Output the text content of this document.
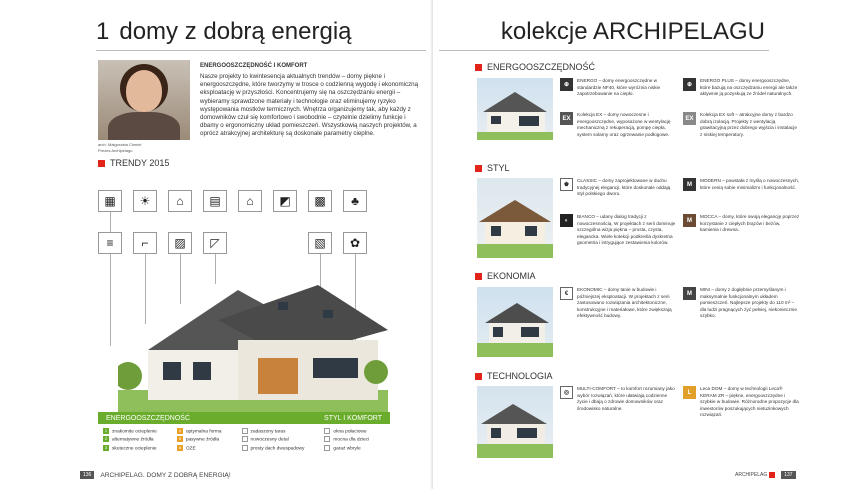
1 domy z dobrą energią
arch. Małgorzata Chmiel
Prezes Archipelagu
ENERGOOSZCZĘDNOŚĆ I KOMFORT
Nasze projekty to kwintesencja aktualnych trendów – domy piękne i energooszczędne, które tworzymy w trosce o codzienną wygodę i ekonomiczną eksploatację w przyszłości. Koncentrujemy się na oszczędzaniu energii – wybieramy sprawdzone materiały i technologie oraz eliminujemy ryzyko występowania mostków termicznych. Wnętrza organizujemy tak, aby każdy z domowników czuł się komfortowo i swobodnie – czytelnie dzielimy funkcje i dbamy o ergonomiczny układ pomieszczeń. Wszystkowią naszych projektów, a oprócz atrakcyjnej architekturę są doskonale parametry cieplne.
TRENDY 2015
▦	☀	⌂	▤	⌂	◩	▩	♣
≡	⌐	▨	◸	▧	✿
ENERGOOSZCZĘDNOŚĆ	STYL I KOMFORT
1 znakomite ocieplenie
2 alternatywne źródła
3 skuteczne ocieplenie
4 optymalna forma
5 pasywne źródła
6 OZE
zadaszony taras
nowoczesny detal
prosty dach dwuspadowy
okna połaciowe
mocna dla dzieci
garaż wbryle
136	ARCHIPELAG. DOMY Z DOBRĄ ENERGIĄ!
kolekcje ARCHIPELAGU
ENERGOOSZCZĘDNOŚĆ
⊕
ENERGO – domy energooszczędne w standardzie NF40, które wyróżnia niskie zapotrzebowanie na ciepło.
⊕
ENERGO PLUS – domy energooszczędne, które bazują na oszczędzaniu energii ale także aktywnie ją pozyskują ze źródeł naturalnych.
EX
Kolekcja EX – domy nowoczesne i energooszczędne, wyposażone w wentylację mechaniczną z rekuperacją, pompę ciepła, system solarny oraz ogrzewanie podłogowe.
EX
Kolekcja EX soft – atrakcyjne domy z bardzo dobrą izolacją. Projekty z wentylacją grawitacyjną przez dobrego wyjścia i instalacje z niskiej temperatury.
STYL
♚
CLASSIC – domy zaprojektowane w duchu tradycyjnej elegancji, które doskonale oddają styl polskiego dworu.
M
MODERN – powstała z myślą o nowoczesnych, które cenią sobie minimalizm i funkcjonalność.
◐
BIANCO – udany dialog tradycji z nowoczesnością. W projektach z serii dominuje szczególna wizja piękna – prosta, czysta, elegancka. Wiele kolekcji podkreśla dyskretna geometria i intrygujące zestawienia kolorów.
M
MOCCA – domy, które swoją elegancję poprzez korzystanie z ciepłych brązów i beżów, kamienia i drewna.
EKONOMIA
€
EKONOMIC – domy tanie w budowie i późniejszej eksploatacji. W projektach z serii zastosowano rozwiązania architektoniczne, konstrukcyjne i materiałowe, które zwiększają efektywność budowy.
M
MINI – domy z dogłębnie przemyślanym i maksymalnie funkcjonalnym układem pomieszczeń. Najlepsze projekty do 110 m² – dla ludzi pragnących żyć pełniej, niekoniecznie szybko.
TECHNOLOGIA
◎
MULTI-COMFORT – to komfort rozumiany jako wybór rozwiązań, które ułatwiają codzienne życie i dbają o zdrowie domowników oraz środowisko naturalne.
L
Leca DOM – domy w technologii Leca® KERAM ZR – piękne, energooszczędne i szybkie w budowie. Różnorodne propozycje dla inwestorów poszukujących nietuzinkowych rozwiązań.
ARCHIPELAG	137
